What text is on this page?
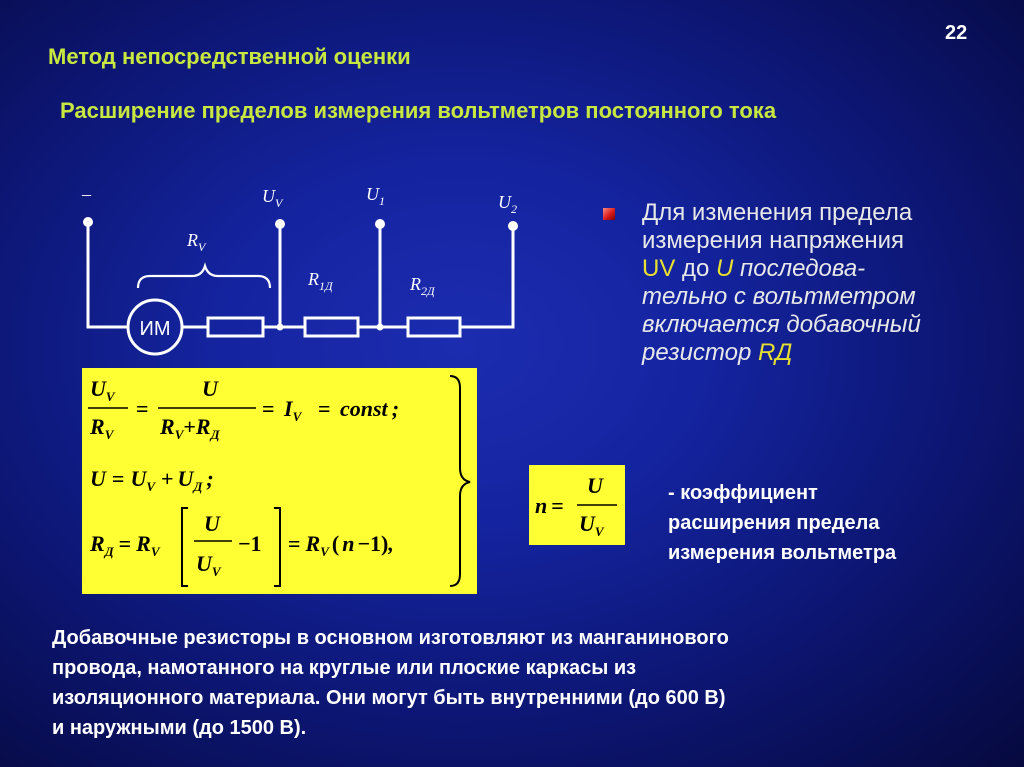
22
Метод непосредственной оценки
Расширение пределов измерения вольтметров постоянного тока
ИМ
–	$U_V$	$U_1$	$U_2$
$R_V$
$R_{1Д}$	$R_{2Д}$
Для изменения предела
измерения напряжения
UV до U последова-
тельно с вольтметром
включается добавочный
резистор RД
$U_V$
$R_V$
=
U
$R_V+R_Д$
= $I_V$ = const ;
$U = U_V + U_Д$ ;
$R_Д = R_V$
U
$U_V$
$-1 = R_V$ ( n −1),
n =
U
$U_V$
- коэффициент
расширения предела
измерения вольтметра
Добавочные резисторы в основном изготовляют из манганинового
провода, намотанного на круглые или плоские каркасы из
изоляционного материала. Они могут быть внутренними (до 600 В)
и наружными (до 1500 В).
